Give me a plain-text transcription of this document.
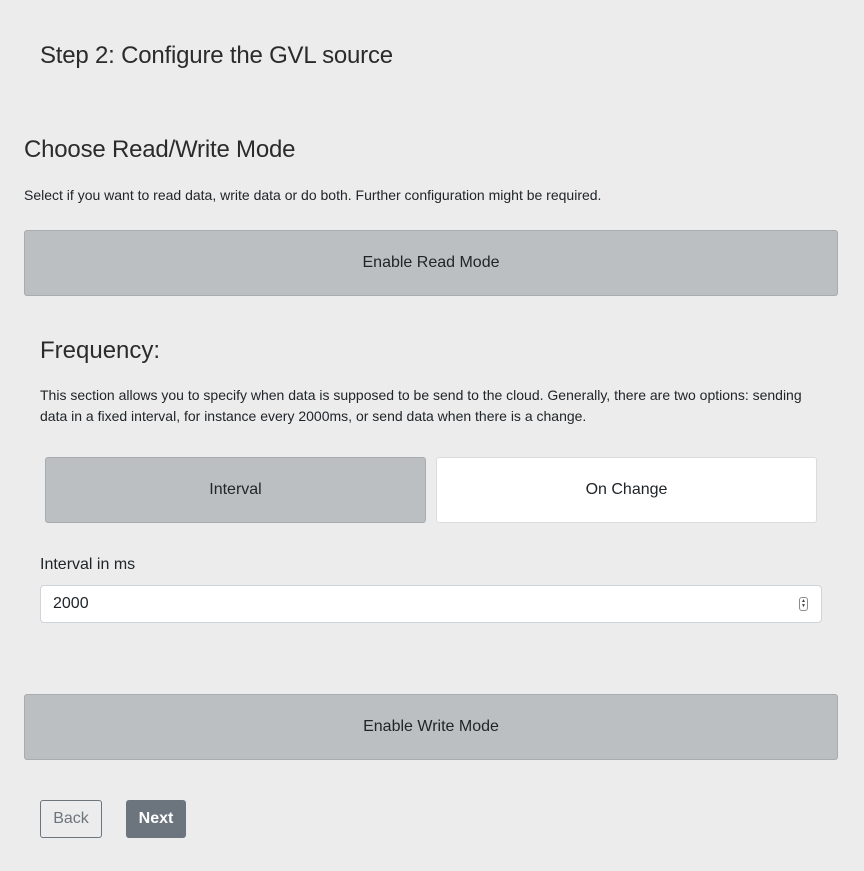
Step 2: Configure the GVL source
Choose Read/Write Mode

Select if you want to read data, write data or do both. Further configuration might be required.

Enable Read Mode
Frequency:

This section allows you to specify when data is supposed to be send to the cloud. Generally, there are two options: sending data in a fixed interval, for instance every 2000ms, or send data when there is a change.

Interval	On Change
Interval in ms
2000
▲
▼
Enable Write Mode
Back	Next
